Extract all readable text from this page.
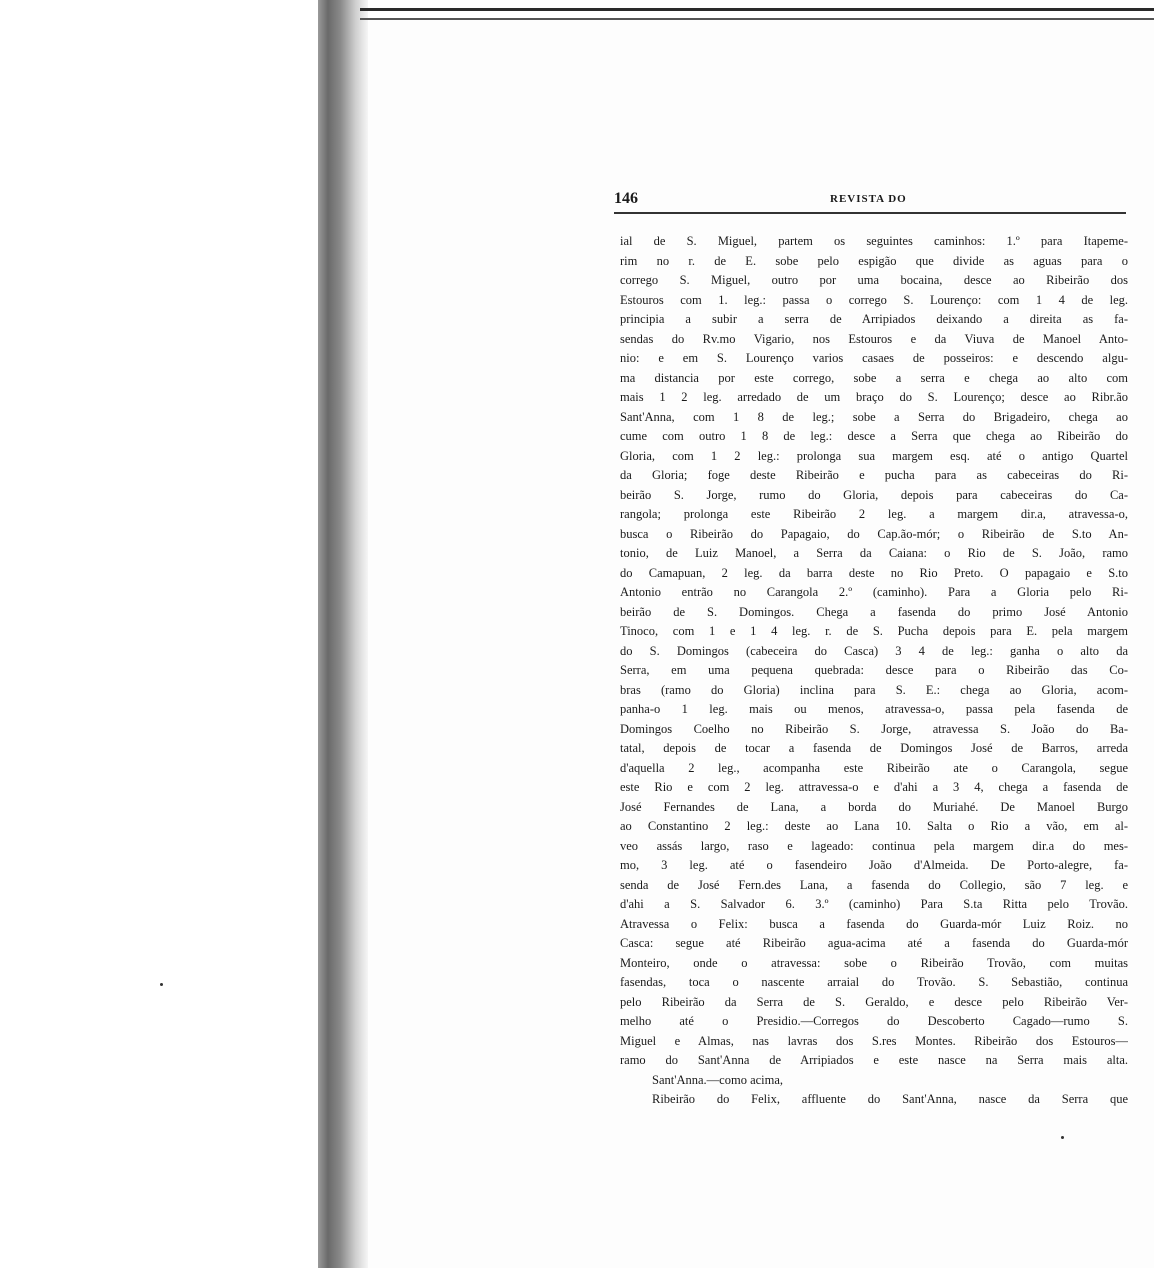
146	REVISTA DO
ial de S. Miguel, partem os seguintes caminhos: 1.º para Itapeme-
rim no r. de E. sobe pelo espigão que divide as aguas para o
corrego S. Miguel, outro por uma bocaina, desce ao Ribeirão dos
Estouros com 1. leg.: passa o corrego S. Lourenço: com 1 4 de leg.
principia a subir a serra de Arripiados deixando a direita as fa-
sendas do Rv.mo Vigario, nos Estouros e da Viuva de Manoel Anto-
nio: e em S. Lourenço varios casaes de posseiros: e descendo algu-
ma distancia por este corrego, sobe a serra e chega ao alto com
mais 1 2 leg. arredado de um braço do S. Lourenço; desce ao Ribr.ão
Sant'Anna, com 1 8 de leg.; sobe a Serra do Brigadeiro, chega ao
cume com outro 1 8 de leg.: desce a Serra que chega ao Ribeirão do
Gloria, com 1 2 leg.: prolonga sua margem esq. até o antigo Quartel
da Gloria; foge deste Ribeirão e pucha para as cabeceiras do Ri-
beirão S. Jorge, rumo do Gloria, depois para cabeceiras do Ca-
rangola; prolonga este Ribeirão 2 leg. a margem dir.a, atravessa-o,
busca o Ribeirão do Papagaio, do Cap.ão-mór; o Ribeirão de S.to An-
tonio, de Luiz Manoel, a Serra da Caiana: o Rio de S. João, ramo
do Camapuan, 2 leg. da barra deste no Rio Preto. O papagaio e S.to
Antonio entrão no Carangola 2.º (caminho). Para a Gloria pelo Ri-
beirão de S. Domingos. Chega a fasenda do primo José Antonio
Tinoco, com 1 e 1 4 leg. r. de S. Pucha depois para E. pela margem
do S. Domingos (cabeceira do Casca) 3 4 de leg.: ganha o alto da
Serra, em uma pequena quebrada: desce para o Ribeirão das Co-
bras (ramo do Gloria) inclina para S. E.: chega ao Gloria, acom-
panha-o 1 leg. mais ou menos, atravessa-o, passa pela fasenda de
Domingos Coelho no Ribeirão S. Jorge, atravessa S. João do Ba-
tatal, depois de tocar a fasenda de Domingos José de Barros, arreda
d'aquella 2 leg., acompanha este Ribeirão ate o Carangola, segue
este Rio e com 2 leg. attravessa-o e d'ahi a 3 4, chega a fasenda de
José Fernandes de Lana, a borda do Muriahé. De Manoel Burgo
ao Constantino 2 leg.: deste ao Lana 10. Salta o Rio a vão, em al-
veo assás largo, raso e lageado: continua pela margem dir.a do mes-
mo, 3 leg. até o fasendeiro João d'Almeida. De Porto-alegre, fa-
senda de José Fern.des Lana, a fasenda do Collegio, são 7 leg. e
d'ahi a S. Salvador 6. 3.º (caminho) Para S.ta Ritta pelo Trovão.
Atravessa o Felix: busca a fasenda do Guarda-mór Luiz Roiz. no
Casca: segue até Ribeirão agua-acima até a fasenda do Guarda-mór
Monteiro, onde o atravessa: sobe o Ribeirão Trovão, com muitas
fasendas, toca o nascente arraial do Trovão. S. Sebastião, continua
pelo Ribeirão da Serra de S. Geraldo, e desce pelo Ribeirão Ver-
melho até o Presidio.—Corregos do Descoberto Cagado—rumo S.
Miguel e Almas, nas lavras dos S.res Montes. Ribeirão dos Estouros—
ramo do Sant'Anna de Arripiados e este nasce na Serra mais alta.
Sant'Anna.—como acima,
Ribeirão do Felix, affluente do Sant'Anna, nasce da Serra que
